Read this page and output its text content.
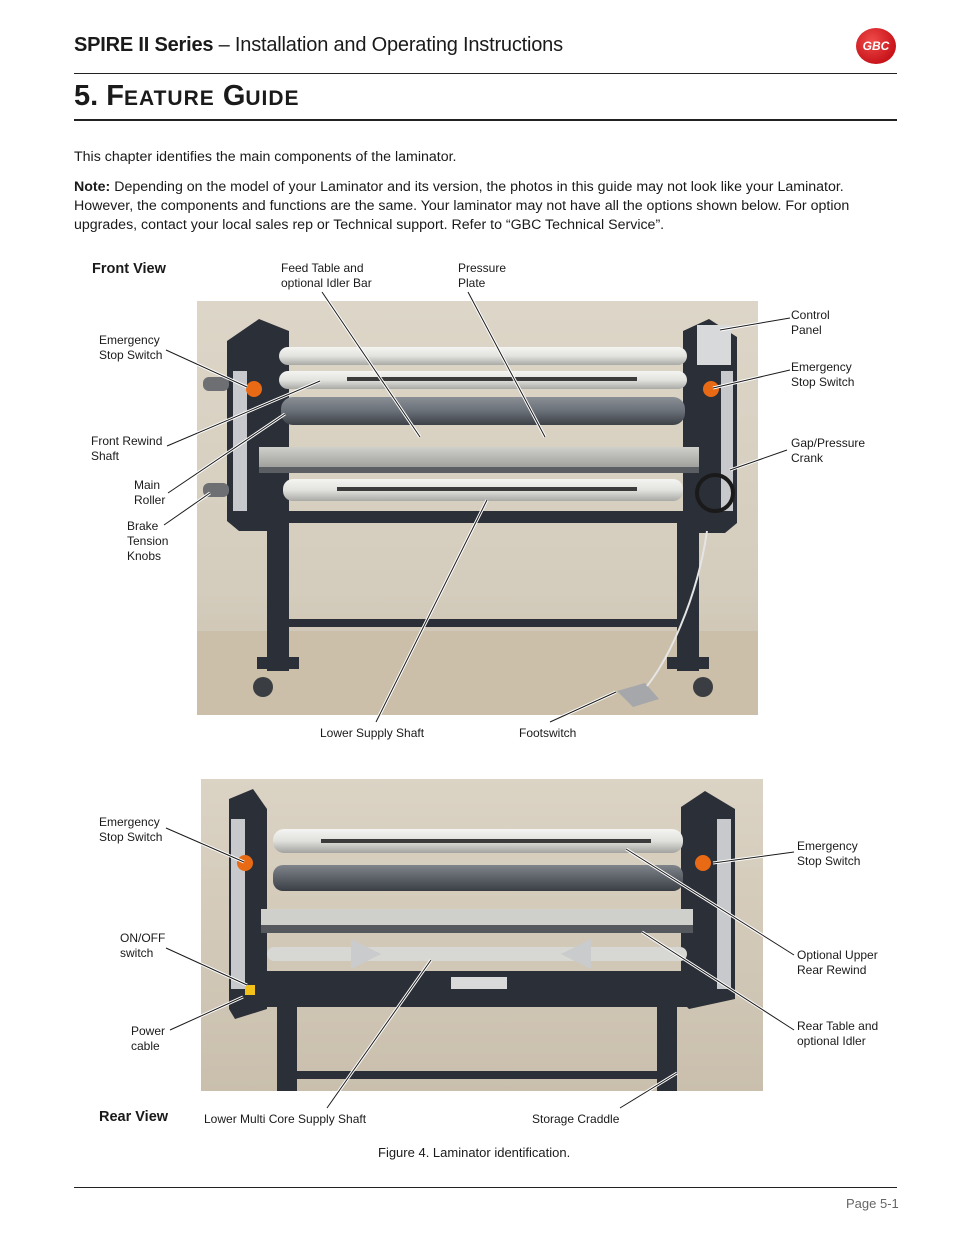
SPIRE II Series – Installation and Operating Instructions	GBC
5. FEATURE GUIDE
This chapter identifies the main components of the laminator.
Note: Depending on the model of your Laminator and its version, the photos in this guide may not look like your Laminator. However, the components and functions are the same. Your laminator may not have all the options shown below. For option upgrades, contact your local sales rep or Technical support. Refer to “GBC Technical Service”.
Front View	Feed Table and
optional Idler Bar
Pressure
Plate
Control
Panel
Emergency
Stop Switch
Emergency
Stop Switch
Front Rewind
Shaft
Gap/Pressure
Crank
Main
Roller
Brake
Tension
Knobs
Lower Supply Shaft	Footswitch
Emergency
Stop Switch
Emergency
Stop Switch
ON/OFF
switch	Optional Upper
Rear Rewind
Power
cable
Rear Table and
optional Idler
Rear View	Lower Multi Core Supply Shaft	Storage Craddle
Figure 4. Laminator identification.
Page 5-1
